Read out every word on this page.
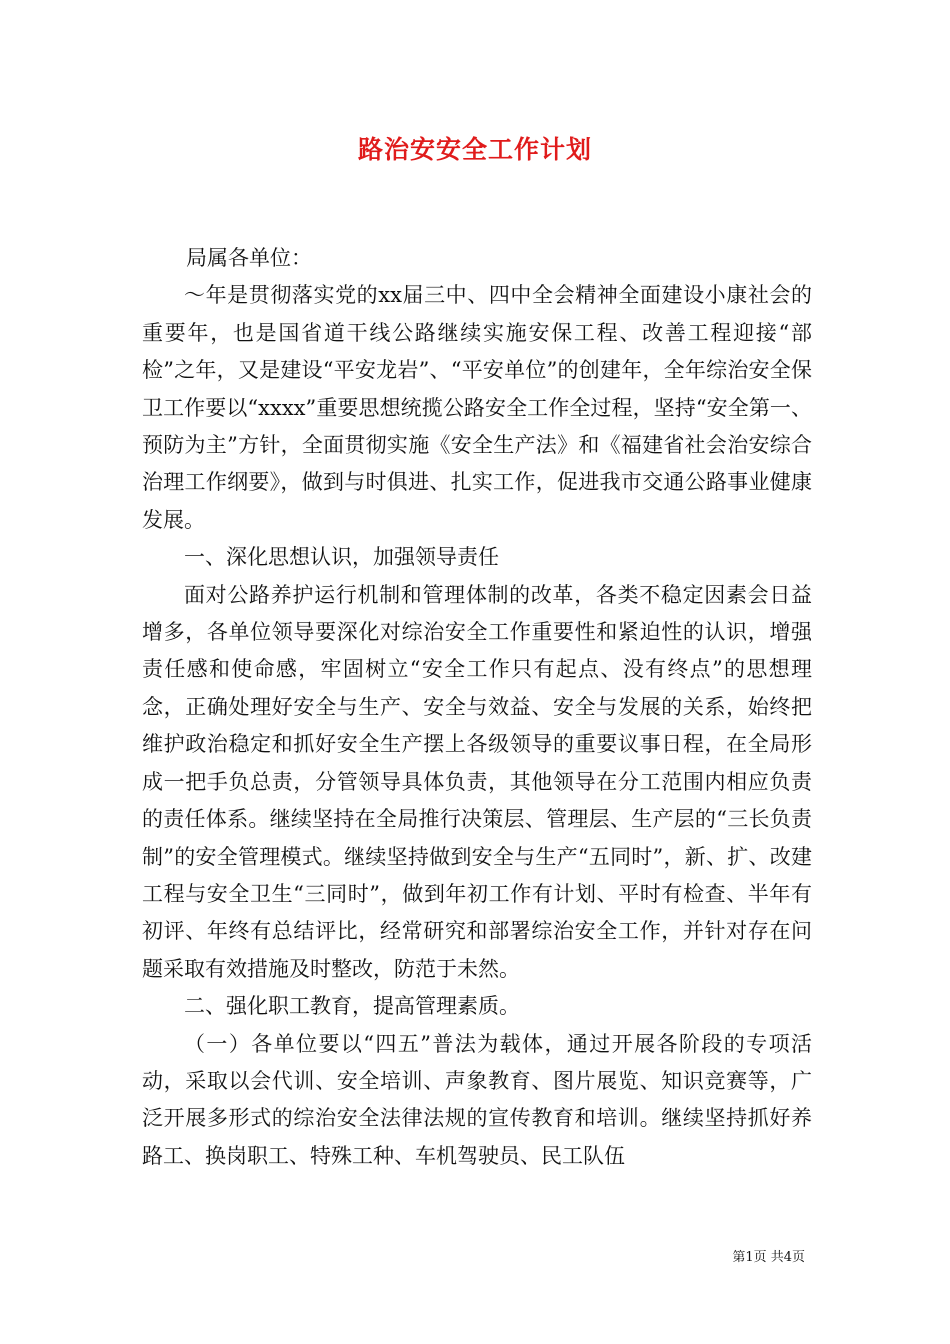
路治安安全工作计划

局属各单位：

～年是贯彻落实党的xx届三中、四中全会精神全面建设小康社会的重要年，也是国省道干线公路继续实施安保工程、改善工程迎接“部检”之年，又是建设“平安龙岩”、“平安单位”的创建年，全年综治安全保卫工作要以“xxxx”重要思想统揽公路安全工作全过程，坚持“安全第一、预防为主”方针，全面贯彻实施《安全生产法》和《福建省社会治安综合治理工作纲要》，做到与时俱进、扎实工作，促进我市交通公路事业健康发展。

一、深化思想认识，加强领导责任

面对公路养护运行机制和管理体制的改革，各类不稳定因素会日益增多，各单位领导要深化对综治安全工作重要性和紧迫性的认识，增强责任感和使命感，牢固树立“安全工作只有起点、没有终点”的思想理念，正确处理好安全与生产、安全与效益、安全与发展的关系，始终把维护政治稳定和抓好安全生产摆上各级领导的重要议事日程，在全局形成一把手负总责，分管领导具体负责，其他领导在分工范围内相应负责的责任体系。继续坚持在全局推行决策层、管理层、生产层的“三长负责制”的安全管理模式。继续坚持做到安全与生产“五同时”，新、扩、改建工程与安全卫生“三同时”，做到年初工作有计划、平时有检查、半年有初评、年终有总结评比，经常研究和部署综治安全工作，并针对存在问题采取有效措施及时整改，防范于未然。

二、强化职工教育，提高管理素质。

（一）各单位要以“四五”普法为载体，通过开展各阶段的专项活动，采取以会代训、安全培训、声象教育、图片展览、知识竞赛等，广泛开展多形式的综治安全法律法规的宣传教育和培训。继续坚持抓好养路工、换岗职工、特殊工种、车机驾驶员、民工队伍

第1页 共4页
